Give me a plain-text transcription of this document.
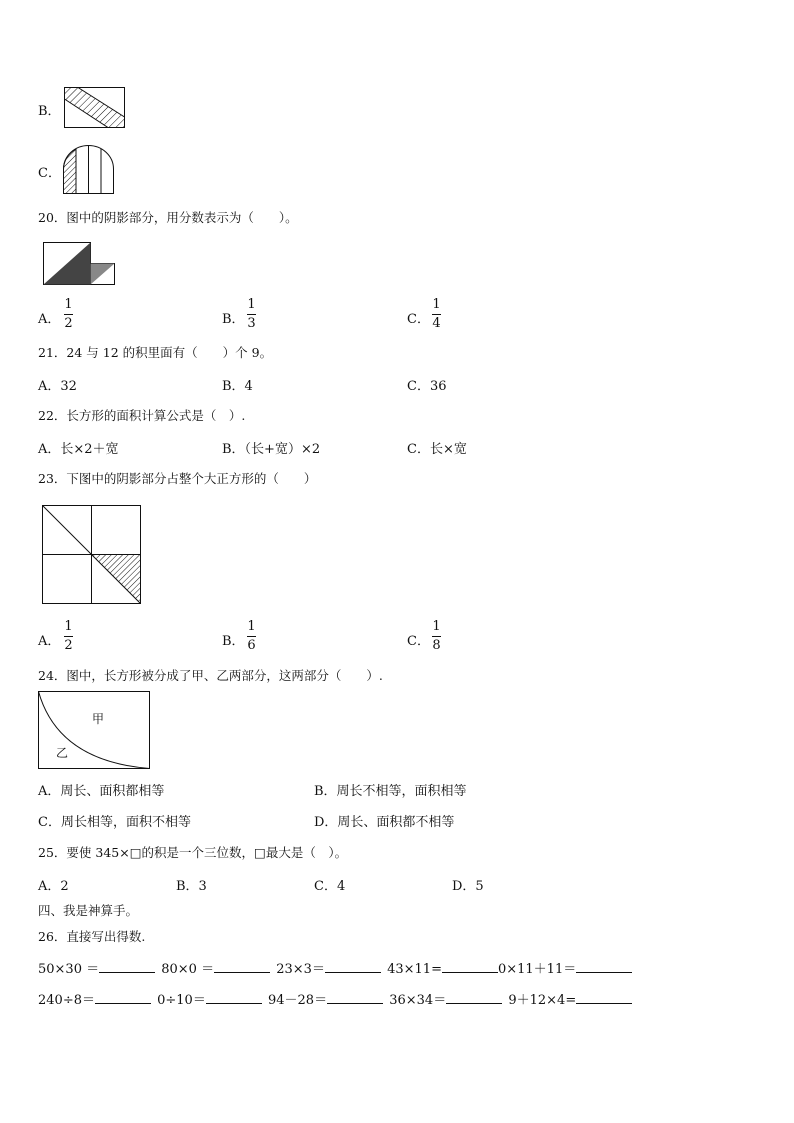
B．
C．
20．图中的阴影部分，用分数表示为（　　）。
A．
1
2	B．
1
3	C．
1
4
21．24 与 12 的积里面有（　　）个 9。
A．32	B．4	C．36
22．长方形的面积计算公式是（　）.
A．长×2＋宽	B．（长+宽）×2	C．长×宽
23．下图中的阴影部分占整个大正方形的（　　）
A．
1
2	B．
1
6	C．
1
8
24．图中，长方形被分成了甲、乙两部分，这两部分（　　）.
甲
乙
A．周长、面积都相等	B．周长不相等，面积相等
C．周长相等，面积不相等	D．周长、面积都不相等
25．要使 345×□的积是一个三位数，□最大是（　）。
A．2	B．3	C．4	D．5
四、我是神算手。
26．直接写出得数.
50×30 ＝	80×0 ＝	23×3＝	43×11=	0×11＋11＝
240÷8＝	0÷10＝	94－28＝	36×34＝	9＋12×4=
